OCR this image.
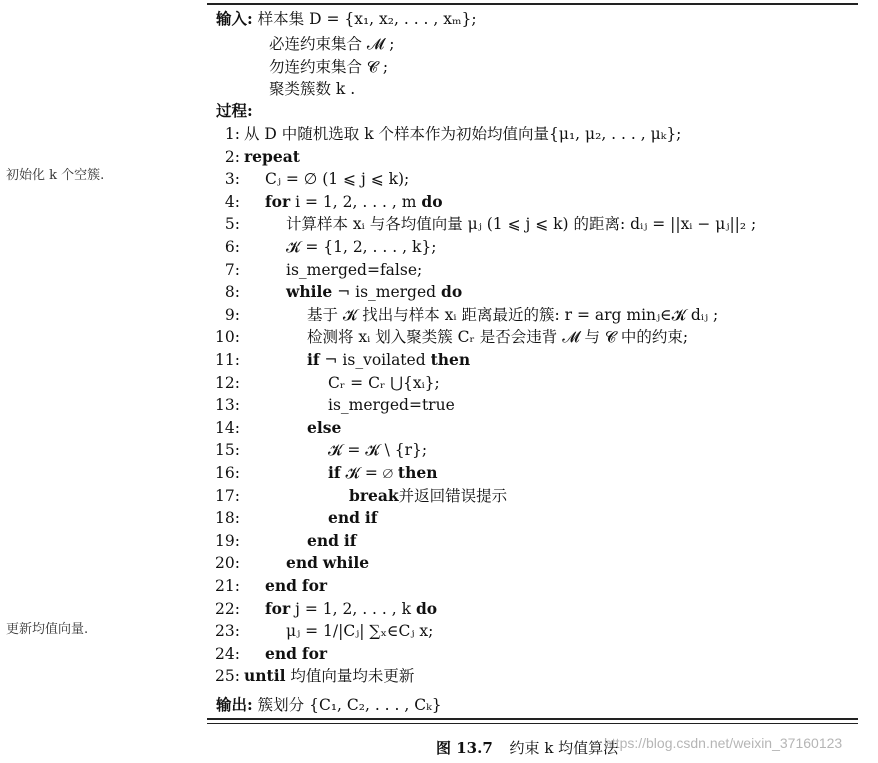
输入: 样本集 D = {x₁, x₂, . . . , xₘ};
必连约束集合 𝓜 ;
勿连约束集合 𝓒 ;
聚类簇数 k .
过程:
1: 从 D 中随机选取 k 个样本作为初始均值向量{μ₁, μ₂, . . . , μₖ};
2: repeat
3: Cⱼ = ∅ (1 ⩽ j ⩽ k);
4: for i = 1, 2, . . . , m do
5:	计算样本 xᵢ 与各均值向量 μⱼ (1 ⩽ j ⩽ k) 的距离: dᵢⱼ = ||xᵢ − μⱼ||₂ ;
6:	𝓚 = {1, 2, . . . , k};
7:	is_merged=false;
8:	while ¬ is_merged do
9:	基于 𝓚 找出与样本 xᵢ 距离最近的簇: r = arg minⱼ∈𝓚 dᵢⱼ ;
10:	检测将 xᵢ 划入聚类簇 Cᵣ 是否会违背 𝓜 与 𝓒 中的约束;
11:	if ¬ is_voilated then
12:	Cᵣ = Cᵣ ⋃{xᵢ};
13:	is_merged=true
14:	else
15:	𝓚 = 𝓚 \ {r};
16:	if 𝓚 = ∅ then
17:	break并返回错误提示
18:	end if
19:	end if
20:	end while
21: end for
22: for j = 1, 2, . . . , k do
23:	μⱼ = 1/|Cⱼ| ∑ₓ∈Cⱼ x;
24: end for
25: until 均值向量均未更新
输出: 簇划分 {C₁, C₂, . . . , Cₖ}
初始化 k 个空簇.
更新均值向量.
图 13.7 约束 k 均值算法
https://blog.csdn.net/weixin_37160123
